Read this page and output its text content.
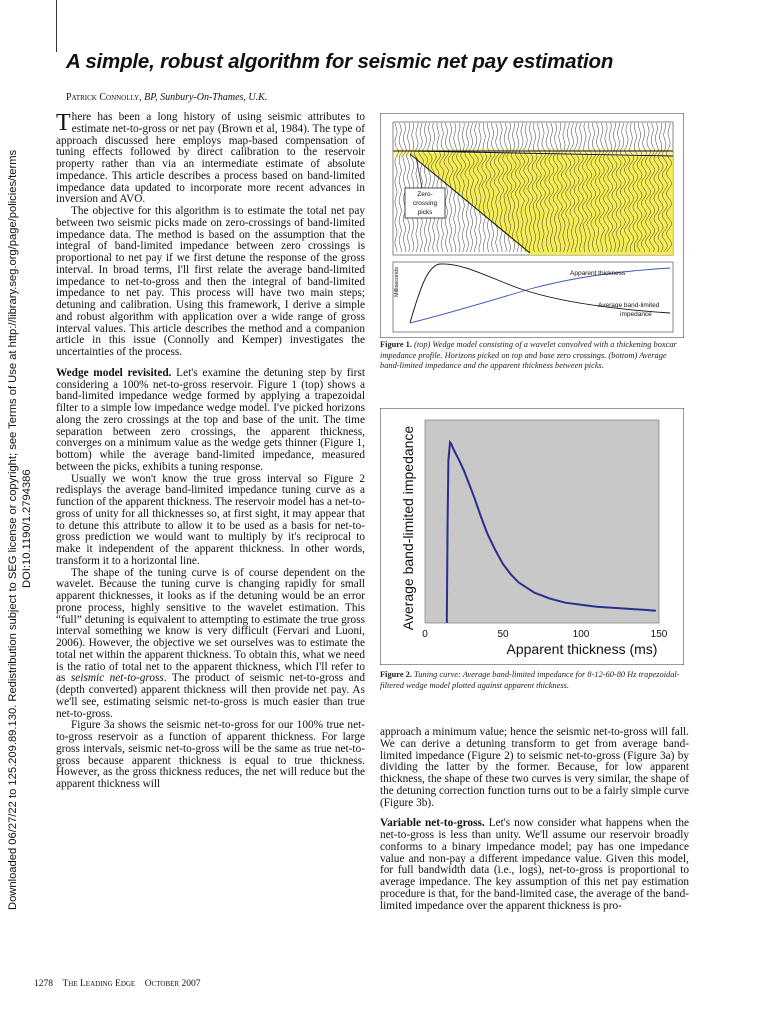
Downloaded 06/27/22 to 125.209.89.130. Redistribution subject to SEG license or copyright; see Terms of Use at http://library.seg.org/page/policies/terms DOI:10.1190/1.2794386
A simple, robust algorithm for seismic net pay estimation
Patrick Connolly, BP, Sunbury-On-Thames, U.K.

There has been a long history of using seismic attributes to estimate net-to-gross or net pay (Brown et al, 1984). The type of approach discussed here employs map-based compensation of tuning effects followed by direct calibration to the reservoir property rather than via an intermediate estimate of absolute impedance. This article describes a process based on band-limited impedance data updated to incorporate more recent advances in inversion and AVO.

The objective for this algorithm is to estimate the total net pay between two seismic picks made on zero-crossings of band-limited impedance data. The method is based on the assumption that the integral of band-limited impedance between zero crossings is proportional to net pay if we first detune the response of the gross interval. In broad terms, I'll first relate the average band-limited impedance to net-to-gross and then the integral of band-limited impedance to net pay. This process will have two main steps; detuning and calibration. Using this framework, I derive a simple and robust algorithm with application over a wide range of gross interval values. This article describes the method and a companion article in this issue (Connolly and Kemper) investigates the uncertainties of the process.

Wedge model revisited. Let's examine the detuning step by first considering a 100% net-to-gross reservoir. Figure 1 (top) shows a band-limited impedance wedge formed by applying a trapezoidal filter to a simple low impedance wedge model. I've picked horizons along the zero crossings at the top and base of the unit. The time separation between zero crossings, the apparent thickness, converges on a minimum value as the wedge gets thinner (Figure 1, bottom) while the average band-limited impedance, measured between the picks, exhibits a tuning response.

Usually we won't know the true gross interval so Figure 2 redisplays the average band-limited impedance tuning curve as a function of the apparent thickness. The reservoir model has a net-to-gross of unity for all thicknesses so, at first sight, it may appear that to detune this attribute to allow it to be used as a basis for net-to-gross prediction we would want to multiply by it's reciprocal to make it independent of the apparent thickness. In other words, transform it to a horizontal line.

The shape of the tuning curve is of course dependent on the wavelet. Because the tuning curve is changing rapidly for small apparent thicknesses, it looks as if the detuning would be an error prone process, highly sensitive to the wavelet estimation. This “full” detuning is equivalent to attempting to estimate the true gross interval something we know is very difficult (Fervari and Luoni, 2006). However, the objective we set ourselves was to estimate the total net within the apparent thickness. To obtain this, what we need is the ratio of total net to the apparent thickness, which I'll refer to as seismic net-to-gross. The product of seismic net-to-gross and (depth converted) apparent thickness will then provide net pay. As we'll see, estimating seismic net-to-gross is much easier than true net-to-gross.

Figure 3a shows the seismic net-to-gross for our 100% true net-to-gross reservoir as a function of apparent thickness. For large gross intervals, seismic net-to-gross will be the same as true net-to-gross because apparent thickness is equal to true thickness. However, as the gross thickness reduces, the net will reduce but the apparent thickness will

Zero-
crossing
picks
Milliseconds	Apparent thickness
Average band-limited
impedance
Figure 1. (top) Wedge model consisting of a wavelet convolved with a thickening boxcar impedance profile. Horizons picked on top and base zero crossings. (bottom) Average band-limited impedance and the apparent thickness between picks.
0	50	100	150
Apparent thickness (ms)
Average band-limited impedance
Figure 2. Tuning curve: Average band-limited impedance for 8-12-60-80 Hz trapezoidal-filtered wedge model plotted against apparent thickness.

approach a minimum value; hence the seismic net-to-gross will fall. We can derive a detuning transform to get from average band-limited impedance (Figure 2) to seismic net-to-gross (Figure 3a) by dividing the latter by the former. Because, for low apparent thickness, the shape of these two curves is very similar, the shape of the detuning correction function turns out to be a fairly simple curve (Figure 3b).

Variable net-to-gross. Let's now consider what happens when the net-to-gross is less than unity. We'll assume our reservoir broadly conforms to a binary impedance model; pay has one impedance value and non-pay a different impedance value. Given this model, for full bandwidth data (i.e., logs), net-to-gross is proportional to average impedance. The key assumption of this net pay estimation procedure is that, for the band-limited case, the average of the band-limited impedance over the apparent thickness is pro-

1278 The Leading Edge October 2007
